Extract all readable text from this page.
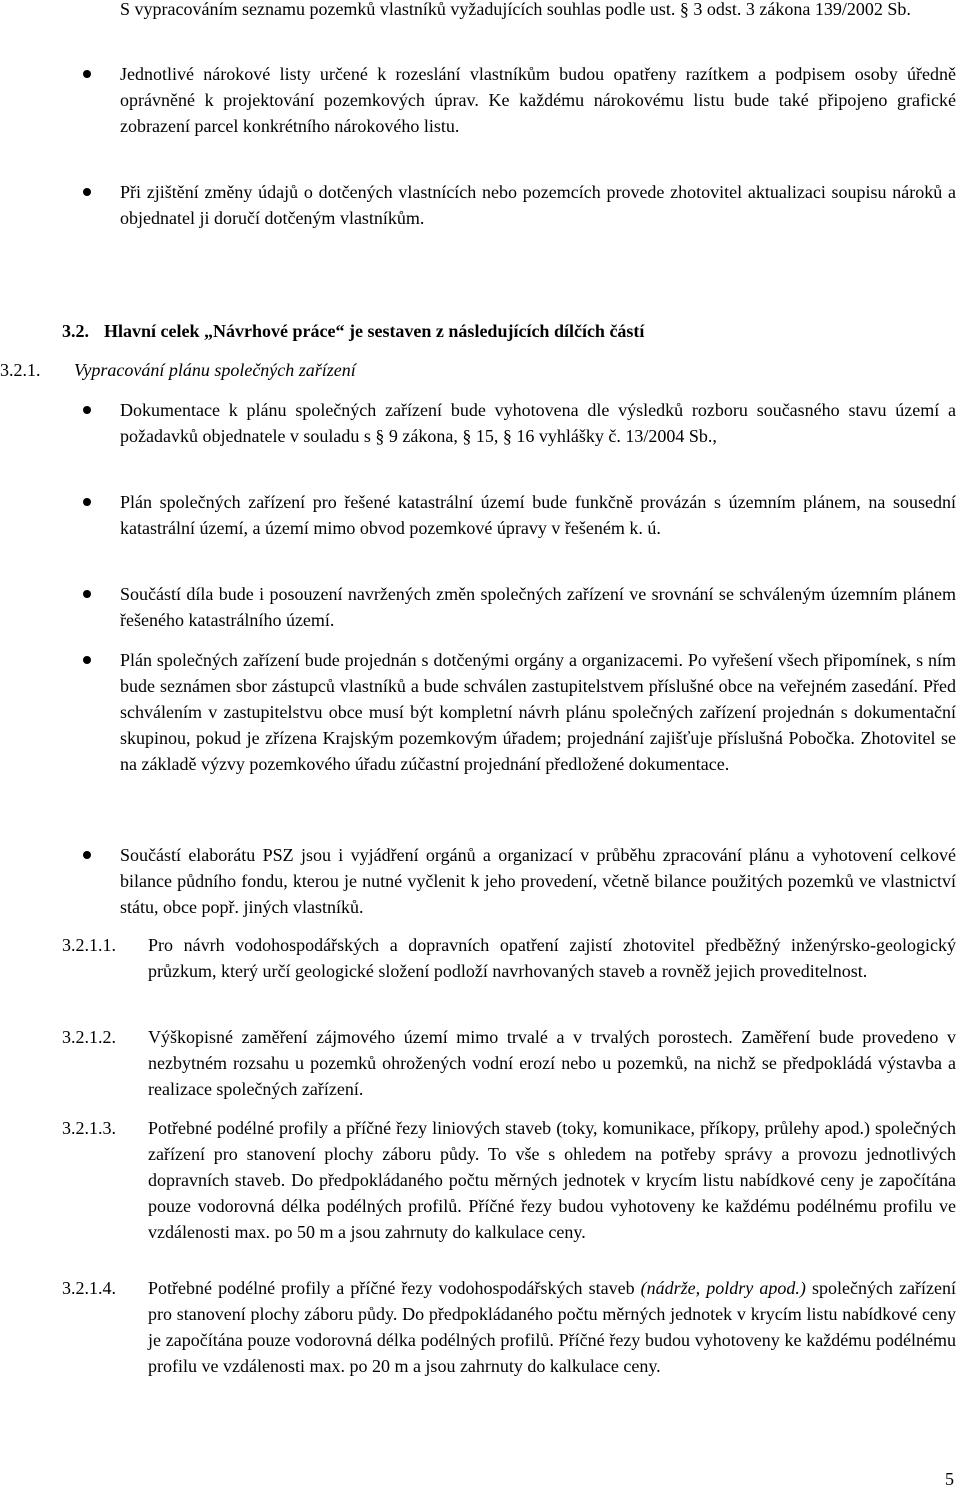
S vypracováním seznamu pozemků vlastníků vyžadujících souhlas podle ust. § 3 odst. 3 zákona 139/2002 Sb.
Jednotlivé nárokové listy určené k rozeslání vlastníkům budou opatřeny razítkem a podpisem osoby úředně oprávněné k projektování pozemkových úprav. Ke každému nárokovému listu bude také připojeno grafické zobrazení parcel konkrétního nárokového listu.
Při zjištění změny údajů o dotčených vlastnících nebo pozemcích provede zhotovitel aktualizaci soupisu nároků a objednatel ji doručí dotčeným vlastníkům.
3.2. Hlavní celek „Návrhové práce“ je sestaven z následujících dílčích částí
3.2.1. Vypracování plánu společných zařízení
Dokumentace k plánu společných zařízení bude vyhotovena dle výsledků rozboru současného stavu území a požadavků objednatele v souladu s § 9 zákona, § 15, § 16 vyhlášky č. 13/2004 Sb.,
Plán společných zařízení pro řešené katastrální území bude funkčně provázán s územním plánem, na sousední katastrální území, a území mimo obvod pozemkové úpravy v řešeném k. ú.
Součástí díla bude i posouzení navržených změn společných zařízení ve srovnání se schváleným územním plánem řešeného katastrálního území.
Plán společných zařízení bude projednán s dotčenými orgány a organizacemi. Po vyřešení všech připomínek, s ním bude seznámen sbor zástupců vlastníků a bude schválen zastupitelstvem příslušné obce na veřejném zasedání. Před schválením v zastupitelstvu obce musí být kompletní návrh plánu společných zařízení projednán s dokumentační skupinou, pokud je zřízena Krajským pozemkovým úřadem; projednání zajišťuje příslušná Pobočka. Zhotovitel se na základě výzvy pozemkového úřadu zúčastní projednání předložené dokumentace.
Součástí elaborátu PSZ jsou i vyjádření orgánů a organizací v průběhu zpracování plánu a vyhotovení celkové bilance půdního fondu, kterou je nutné vyčlenit k jeho provedení, včetně bilance použitých pozemků ve vlastnictví státu, obce popř. jiných vlastníků.
3.2.1.1. Pro návrh vodohospodářských a dopravních opatření zajistí zhotovitel předběžný inženýrsko-geologický průzkum, který určí geologické složení podloží navrhovaných staveb a rovněž jejich proveditelnost.
3.2.1.2. Výškopisné zaměření zájmového území mimo trvalé a v trvalých porostech. Zaměření bude provedeno v nezbytném rozsahu u pozemků ohrožených vodní erozí nebo u pozemků, na nichž se předpokládá výstavba a realizace společných zařízení.
3.2.1.3. Potřebné podélné profily a příčné řezy liniových staveb (toky, komunikace, příkopy, průlehy apod.) společných zařízení pro stanovení plochy záboru půdy. To vše s ohledem na potřeby správy a provozu jednotlivých dopravních staveb. Do předpokládaného počtu měrných jednotek v krycím listu nabídkové ceny je započítána pouze vodorovná délka podélných profilů. Příčné řezy budou vyhotoveny ke každému podélnému profilu ve vzdálenosti max. po 50 m a jsou zahrnuty do kalkulace ceny.
3.2.1.4. Potřebné podélné profily a příčné řezy vodohospodářských staveb (nádrže, poldry apod.) společných zařízení pro stanovení plochy záboru půdy. Do předpokládaného počtu měrných jednotek v krycím listu nabídkové ceny je započítána pouze vodorovná délka podélných profilů. Příčné řezy budou vyhotoveny ke každému podélnému profilu ve vzdálenosti max. po 20 m a jsou zahrnuty do kalkulace ceny.
5
